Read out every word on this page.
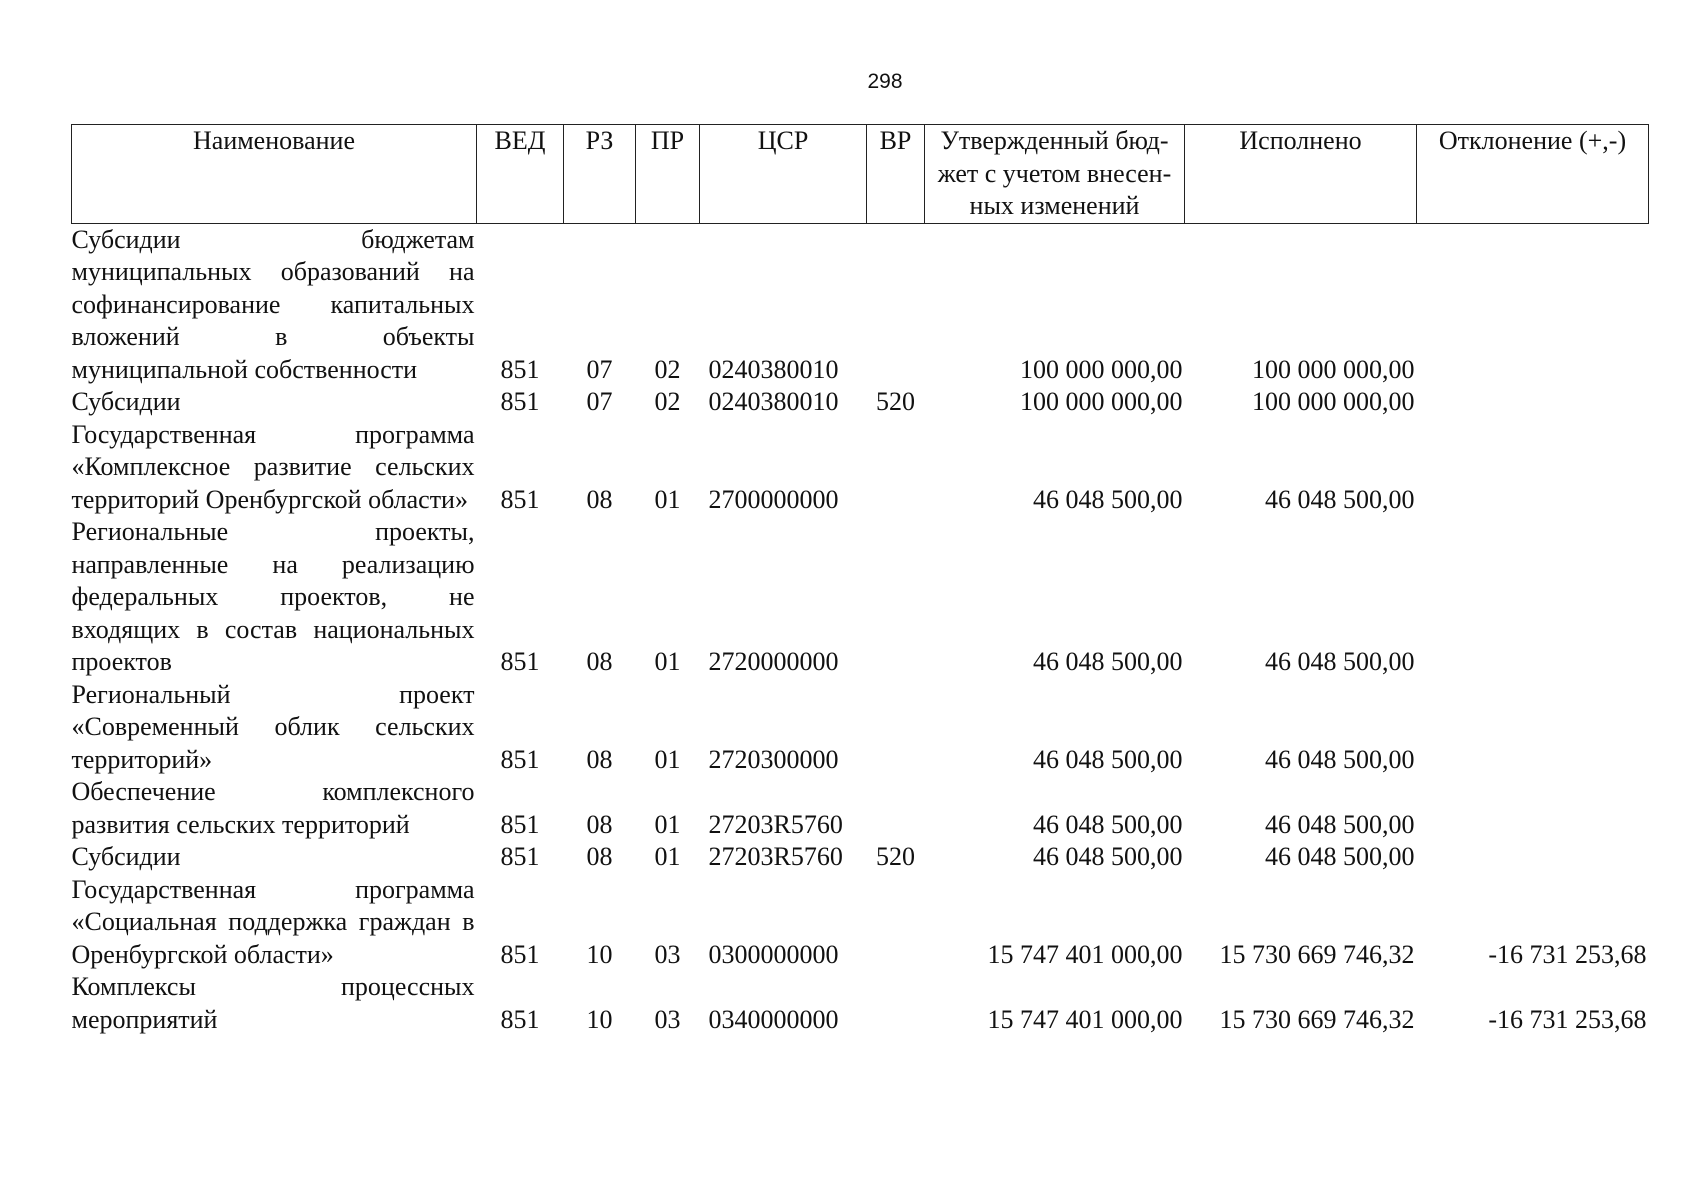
298
Наименование	ВЕД	РЗ	ПР	ЦСР	ВР	Утвержденный бюд-жет с учетом внесен-ных изменений	Исполнено	Отклонение (+,-)
Субсидии бюджетам муниципальных образований на софинансирование капитальных вложений в объекты муниципальной собственности	851	07	02	0240380010		100 000 000,00	100 000 000,00	
Субсидии	851	07	02	0240380010	520	100 000 000,00	100 000 000,00	
Государственная программа «Комплексное развитие сельских территорий Оренбургской области»	851	08	01	2700000000		46 048 500,00	46 048 500,00	
Региональные проекты, направленные на реализацию федеральных проектов, не входящих в состав национальных проектов	851	08	01	2720000000		46 048 500,00	46 048 500,00	
Региональный проект «Современный облик сельских территорий»	851	08	01	2720300000		46 048 500,00	46 048 500,00	
Обеспечение комплексного развития сельских территорий	851	08	01	27203R5760		46 048 500,00	46 048 500,00	
Субсидии	851	08	01	27203R5760	520	46 048 500,00	46 048 500,00	
Государственная программа «Социальная поддержка граждан в Оренбургской области»	851	10	03	0300000000		15 747 401 000,00	15 730 669 746,32	-16 731 253,68
Комплексы процессных мероприятий	851	10	03	0340000000		15 747 401 000,00	15 730 669 746,32	-16 731 253,68
